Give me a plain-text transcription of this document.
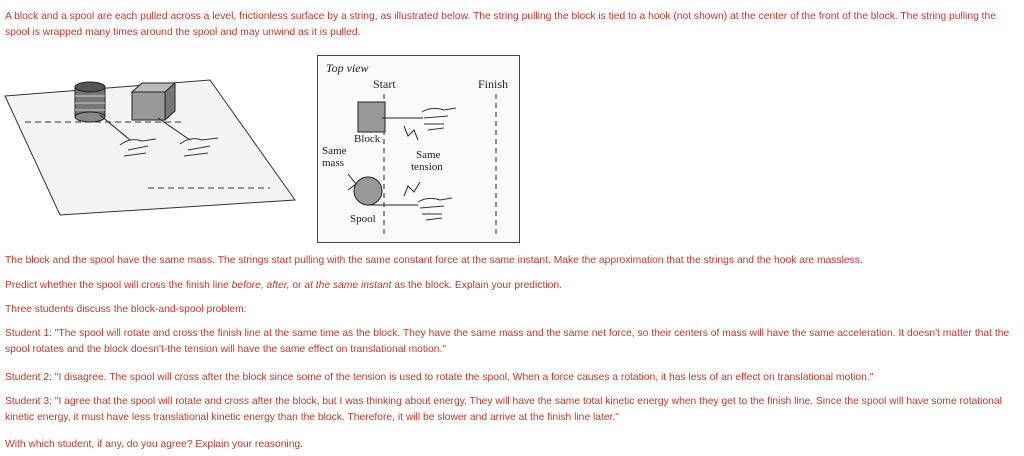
A block and a spool are each pulled across a level, frictionless surface by a string, as illustrated below. The string pulling the block is tied to a hook (not shown) at the center of the front of the block. The string pulling the spool is wrapped many times around the spool and may unwind as it is pulled.

Top view
Start	Finish
Block
Same
mass
Spool
Same
tension

The block and the spool have the same mass. The strings start pulling with the same constant force at the same instant. Make the approximation that the strings and the hook are massless.

Predict whether the spool will cross the finish line before, after, or at the same instant as the block. Explain your prediction.

Three students discuss the block-and-spool problem:

Student 1: "The spool will rotate and cross the finish line at the same time as the block. They have the same mass and the same net force, so their centers of mass will have the same acceleration. It doesn't matter that the spool rotates and the block doesn't-the tension will have the same effect on translational motion."

Student 2: "I disagree. The spool will cross after the block since some of the tension is used to rotate the spool. When a force causes a rotation, it has less of an effect on translational motion."

Student 3: "I agree that the spool will rotate and cross after the block, but I was thinking about energy. They will have the same total kinetic energy when they get to the finish line. Since the spool will have some rotational kinetic energy, it must have less translational kinetic energy than the block. Therefore, it will be slower and arrive at the finish line later."

With which student, if any, do you agree? Explain your reasoning.
